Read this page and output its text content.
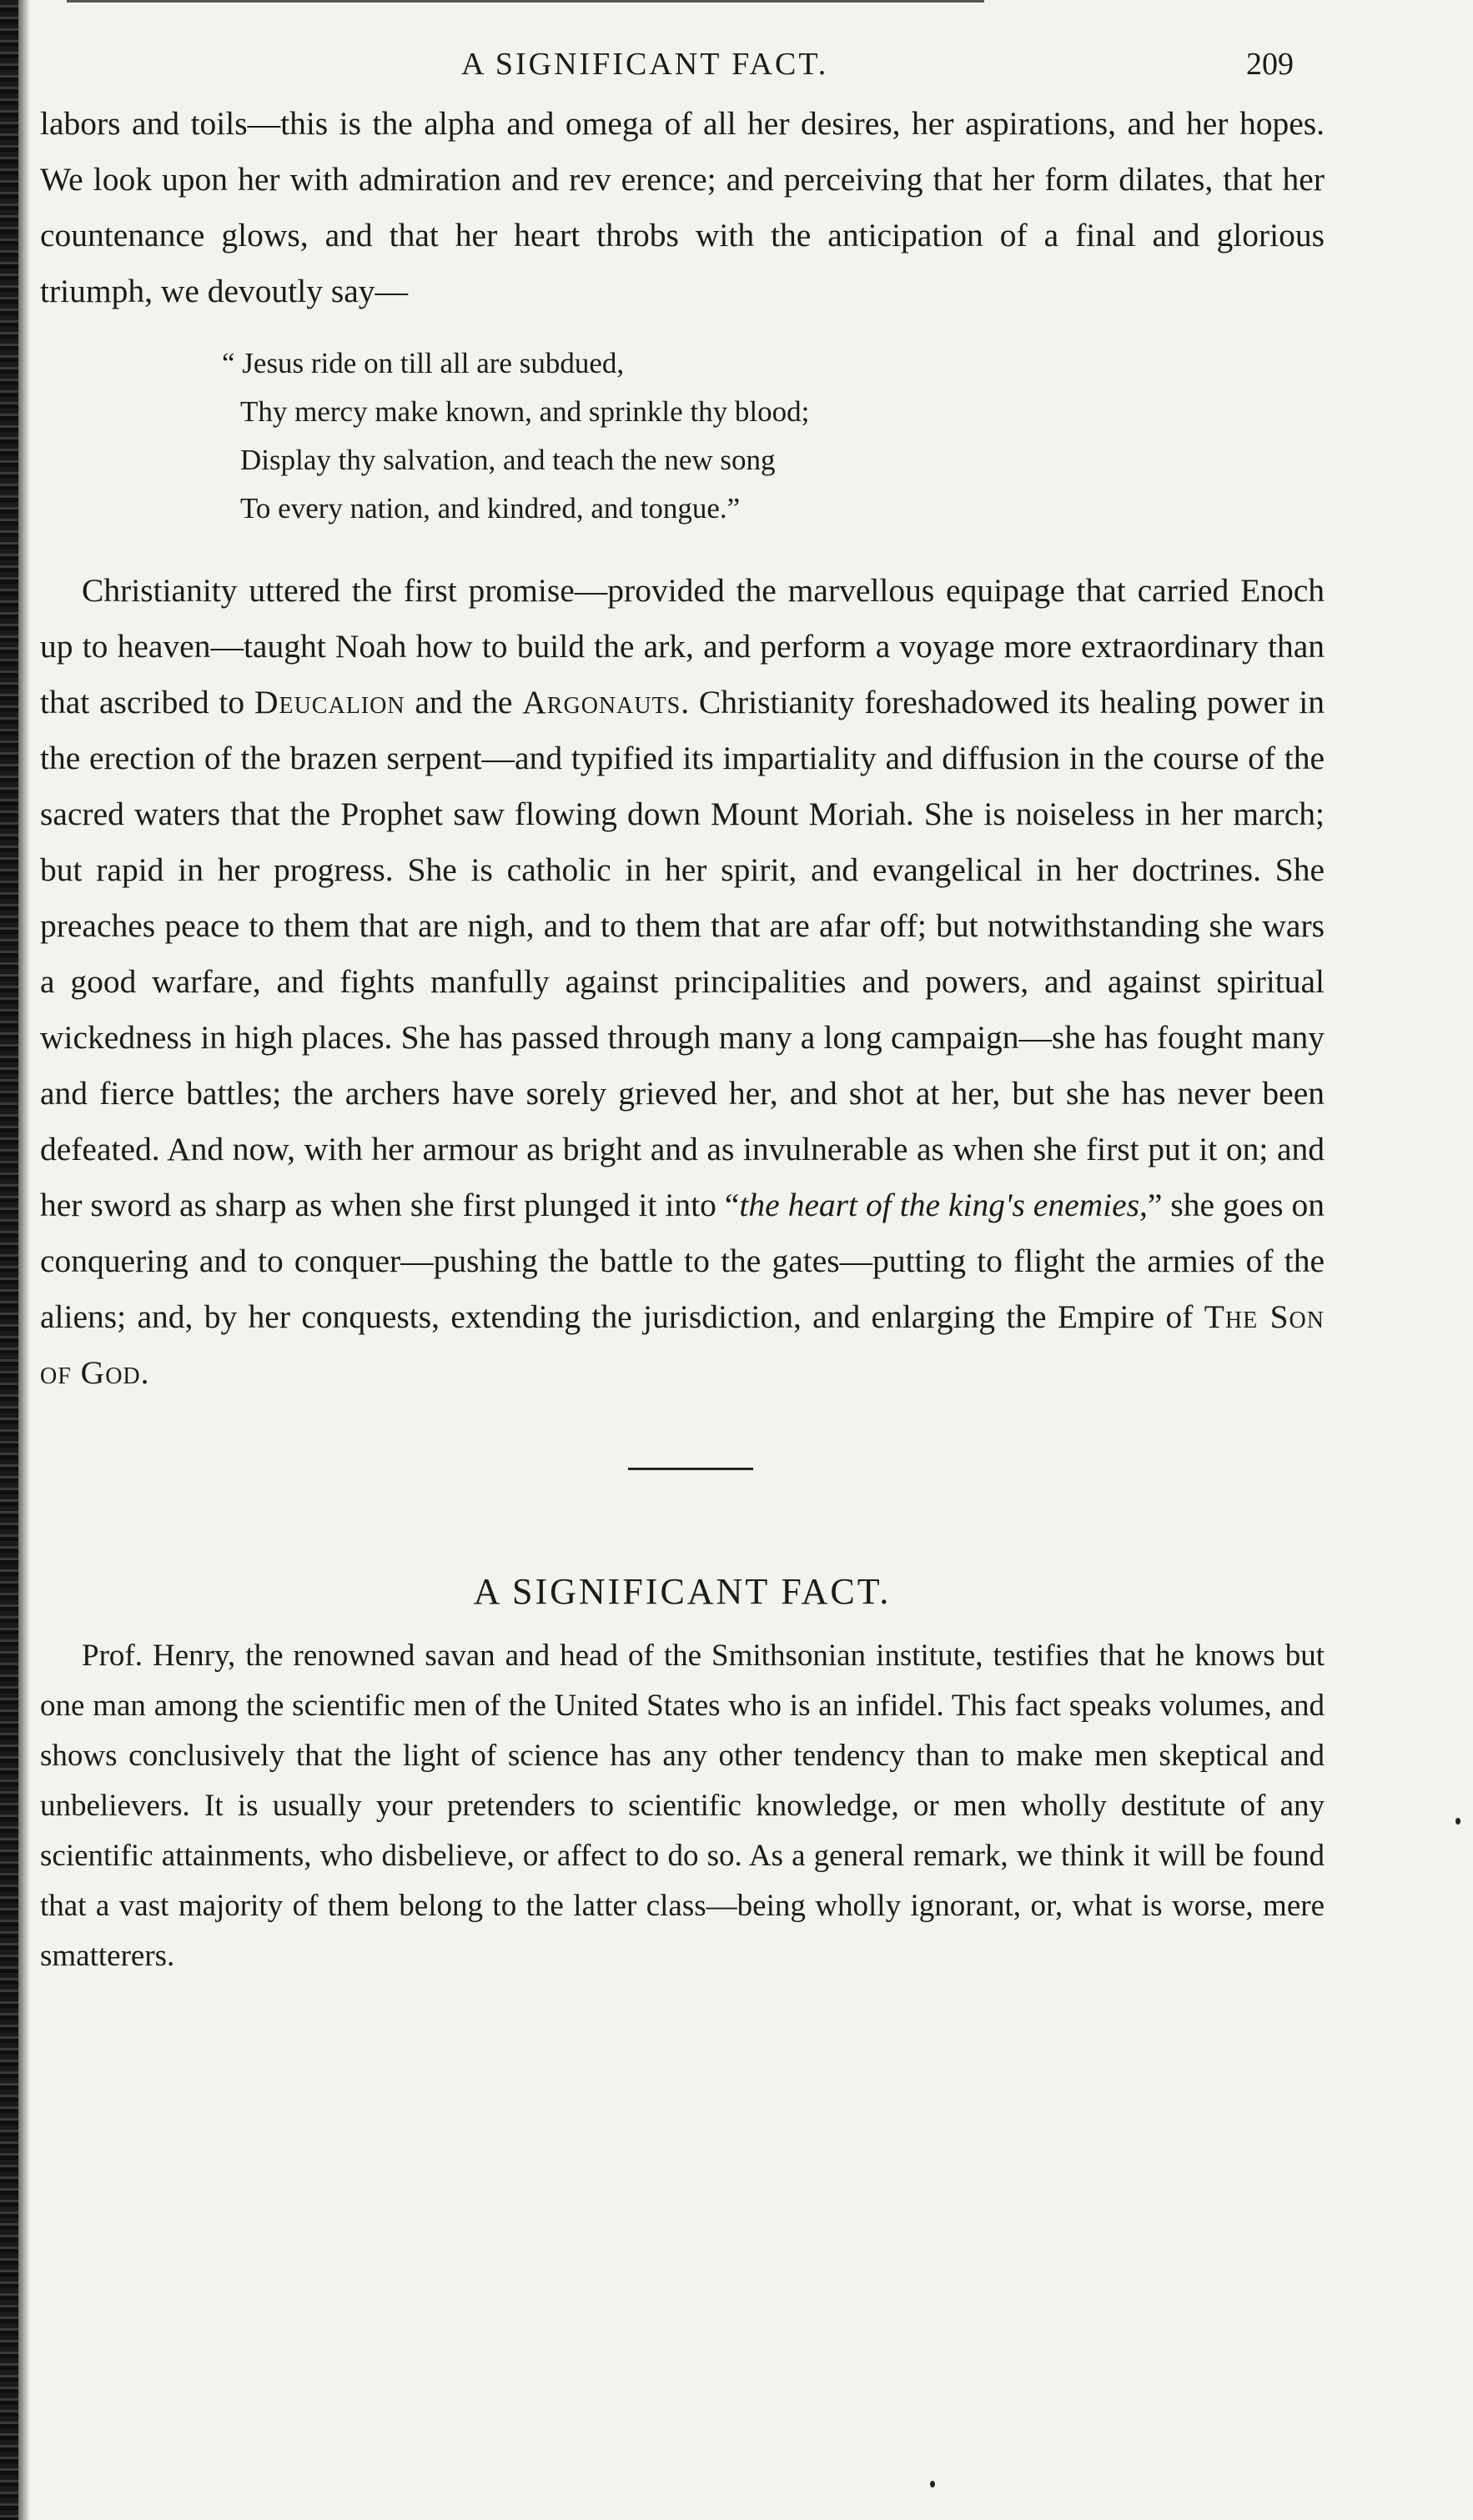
A SIGNIFICANT FACT.	209

labors and toils—this is the alpha and omega of all her desires, her aspirations, and her hopes. We look upon her with admiration and rev erence; and perceiving that her form dilates, that her countenance glows, and that her heart throbs with the anticipation of a final and glorious triumph, we devoutly say—

“ Jesus ride on till all are subdued,
Thy mercy make known, and sprinkle thy blood;
Display thy salvation, and teach the new song
To every nation, and kindred, and tongue.”

Christianity uttered the first promise—provided the marvellous equipage that carried Enoch up to heaven—taught Noah how to build the ark, and perform a voyage more extraordinary than that ascribed to Deucalion and the Argonauts. Christianity foreshadowed its healing power in the erection of the brazen serpent—and typified its impartiality and diffusion in the course of the sacred waters that the Prophet saw flowing down Mount Moriah. She is noiseless in her march; but rapid in her progress. She is catholic in her spirit, and evangelical in her doctrines. She preaches peace to them that are nigh, and to them that are afar off; but notwithstanding she wars a good warfare, and fights manfully against principalities and powers, and against spiritual wickedness in high places. She has passed through many a long campaign—she has fought many and fierce battles; the archers have sorely grieved her, and shot at her, but she has never been defeated. And now, with her armour as bright and as invulnerable as when she first put it on; and her sword as sharp as when she first plunged it into “the heart of the king's enemies,” she goes on conquering and to conquer—pushing the battle to the gates—putting to flight the armies of the aliens; and, by her conquests, extending the jurisdiction, and enlarging the Empire of The Son of God.

A SIGNIFICANT FACT.

Prof. Henry, the renowned savan and head of the Smithsonian institute, testifies that he knows but one man among the scientific men of the United States who is an infidel. This fact speaks volumes, and shows conclusively that the light of science has any other tendency than to make men skeptical and unbelievers. It is usually your pretenders to scientific knowledge, or men wholly destitute of any scientific attainments, who disbelieve, or affect to do so. As a general remark, we think it will be found that a vast majority of them belong to the latter class—being wholly ignorant, or, what is worse, mere smatterers.
